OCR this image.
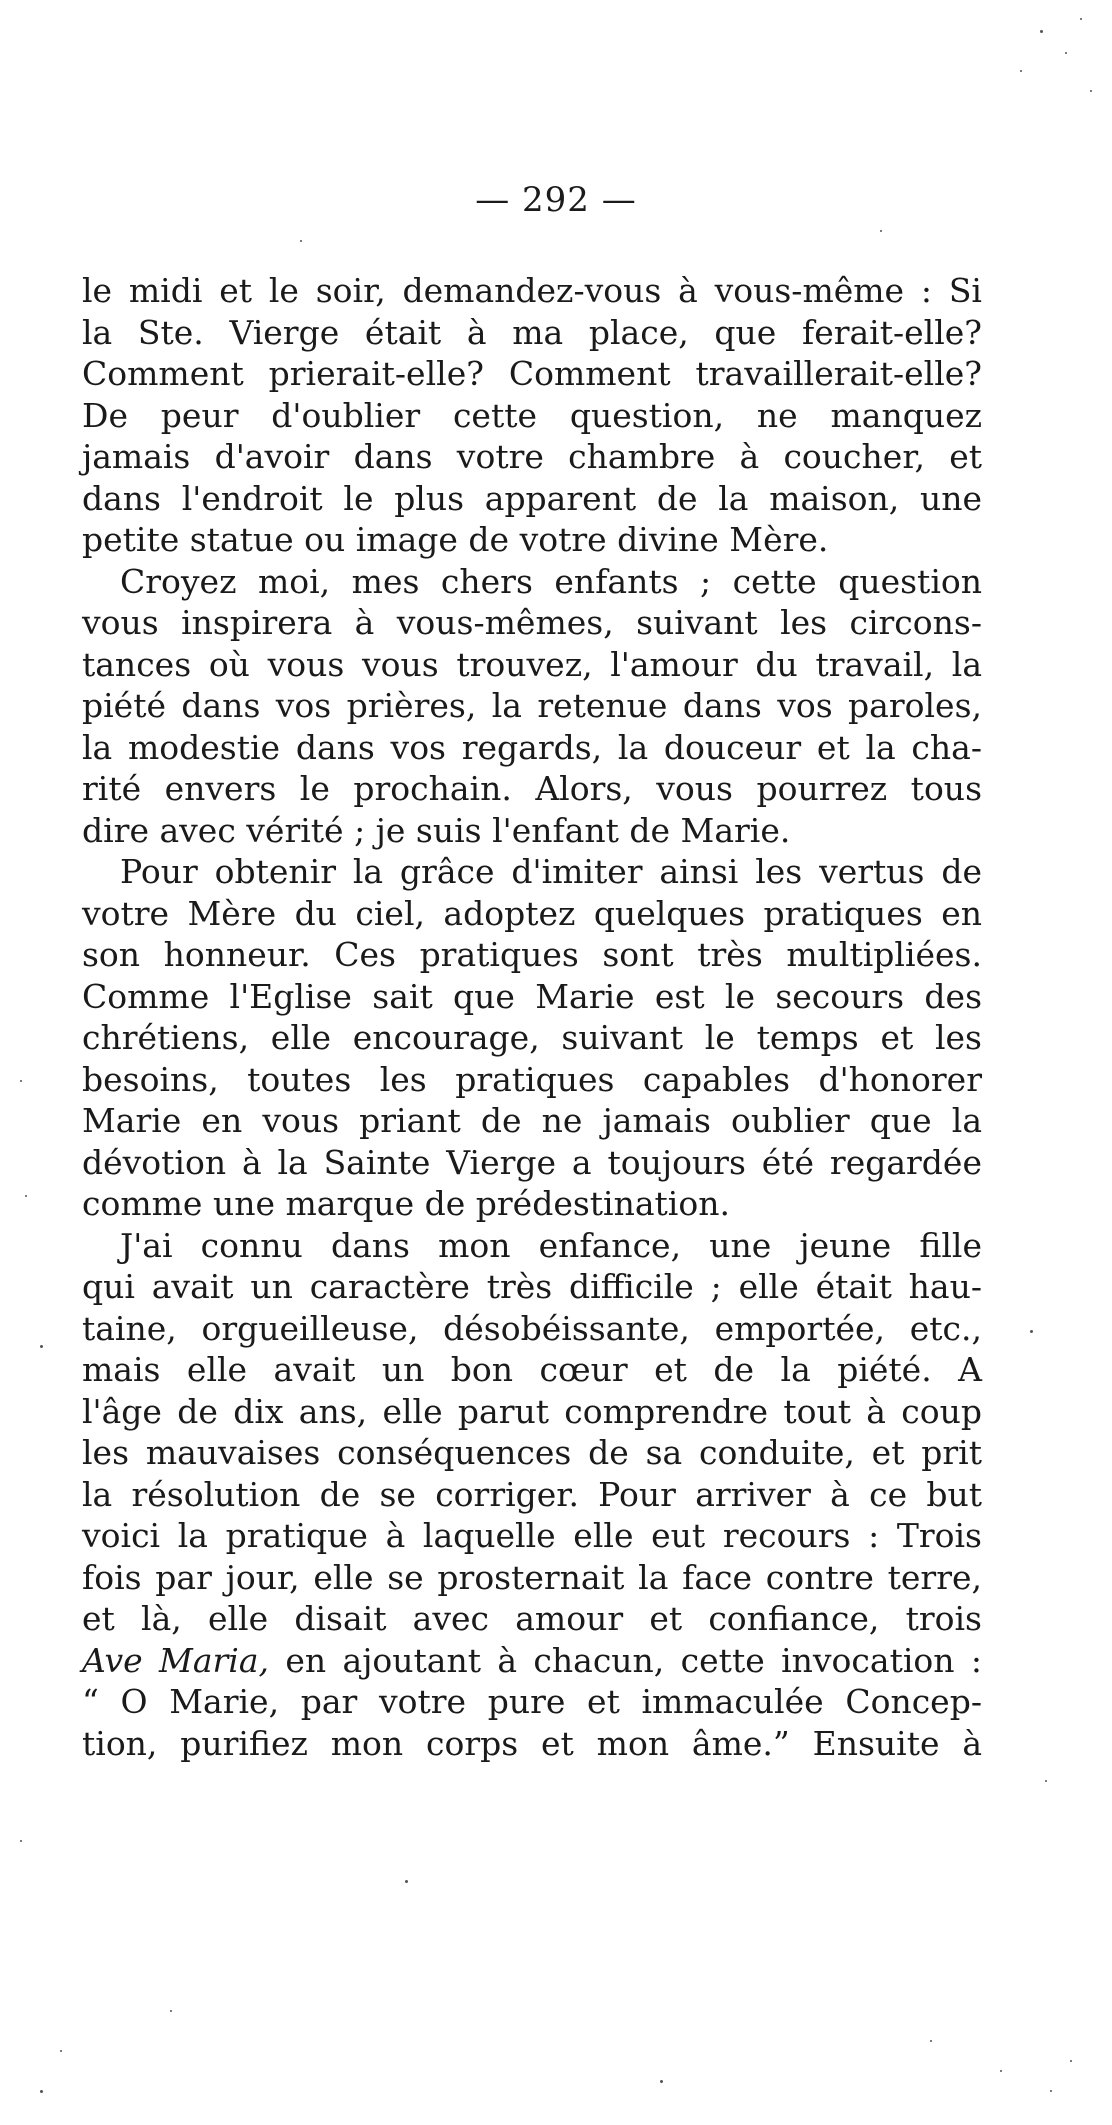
— 292 —
le midi et le soir, demandez-vous à vous-même : Si
la Ste. Vierge était à ma place, que ferait-elle?
Comment prierait-elle? Comment travaillerait-elle?
De peur d'oublier cette question, ne manquez
jamais d'avoir dans votre chambre à coucher, et
dans l'endroit le plus apparent de la maison, une
petite statue ou image de votre divine Mère.
Croyez moi, mes chers enfants ; cette question
vous inspirera à vous-mêmes, suivant les circons-
tances où vous vous trouvez, l'amour du travail, la
piété dans vos prières, la retenue dans vos paroles,
la modestie dans vos regards, la douceur et la cha-
rité envers le prochain. Alors, vous pourrez tous
dire avec vérité ; je suis l'enfant de Marie.
Pour obtenir la grâce d'imiter ainsi les vertus de
votre Mère du ciel, adoptez quelques pratiques en
son honneur. Ces pratiques sont très multipliées.
Comme l'Eglise sait que Marie est le secours des
chrétiens, elle encourage, suivant le temps et les
besoins, toutes les pratiques capables d'honorer
Marie en vous priant de ne jamais oublier que la
dévotion à la Sainte Vierge a toujours été regardée
comme une marque de prédestination.
J'ai connu dans mon enfance, une jeune fille
qui avait un caractère très difficile ; elle était hau-
taine, orgueilleuse, désobéissante, emportée, etc.,
mais elle avait un bon cœur et de la piété. A
l'âge de dix ans, elle parut comprendre tout à coup
les mauvaises conséquences de sa conduite, et prit
la résolution de se corriger. Pour arriver à ce but
voici la pratique à laquelle elle eut recours : Trois
fois par jour, elle se prosternait la face contre terre,
et là, elle disait avec amour et confiance, trois
Ave Maria, en ajoutant à chacun, cette invocation :
“ O Marie, par votre pure et immaculée Concep-
tion, purifiez mon corps et mon âme.” Ensuite à
